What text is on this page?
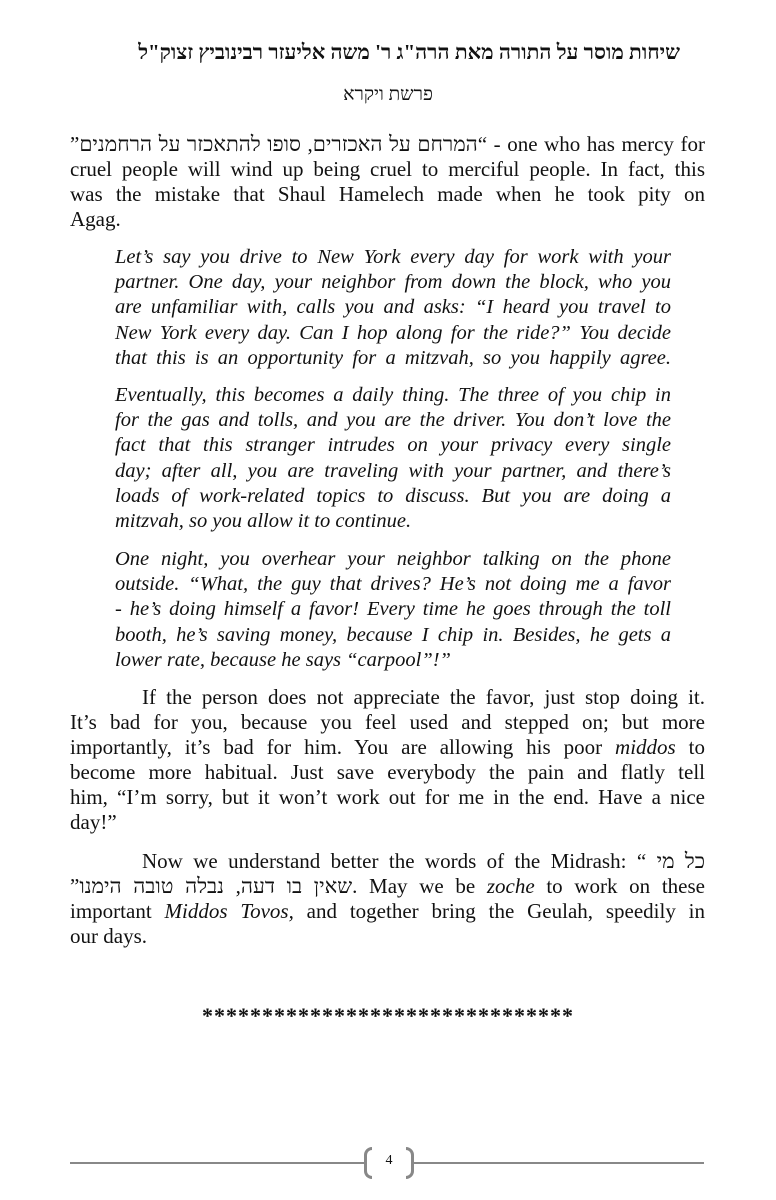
שיחות מוסר על התורה מאת הרה"ג ר' משה אליעזר רבינוביץ זצוק"ל
פרשת ויקרא
“המרחם על האכזרים, סופו להתאכזר על הרחמנים” - one who has mercy for
cruel people will wind up being cruel to merciful people. In fact, this
was the mistake that Shaul Hamelech made when he took pity on
Agag.
Let’s say you drive to New York every day for work with your
partner. One day, your neighbor from down the block, who you
are unfamiliar with, calls you and asks: “I heard you travel to
New York every day. Can I hop along for the ride?” You decide
that this is an opportunity for a mitzvah, so you happily agree.
Eventually, this becomes a daily thing. The three of you chip in
for the gas and tolls, and you are the driver. You don’t love the
fact that this stranger intrudes on your privacy every single
day; after all, you are traveling with your partner, and there’s
loads of work-related topics to discuss. But you are doing a
mitzvah, so you allow it to continue.
One night, you overhear your neighbor talking on the phone
outside. “What, the guy that drives? He’s not doing me a favor
- he’s doing himself a favor! Every time he goes through the toll
booth, he’s saving money, because I chip in. Besides, he gets a
lower rate, because he says “carpool”!”
If the person does not appreciate the favor, just stop doing it.
It’s bad for you, because you feel used and stepped on; but more
importantly, it’s bad for him. You are allowing his poor middos to
become more habitual. Just save everybody the pain and flatly tell
him, “I’m sorry, but it won’t work out for me in the end. Have a nice
day!”
Now we understand better the words of the Midrash: “ כל מי
שאין בו דעה, נבלה טובה הימנו”. May we be zoche to work on these
important Middos Tovos, and together bring the Geulah, speedily in
our days.
*******************************
4
